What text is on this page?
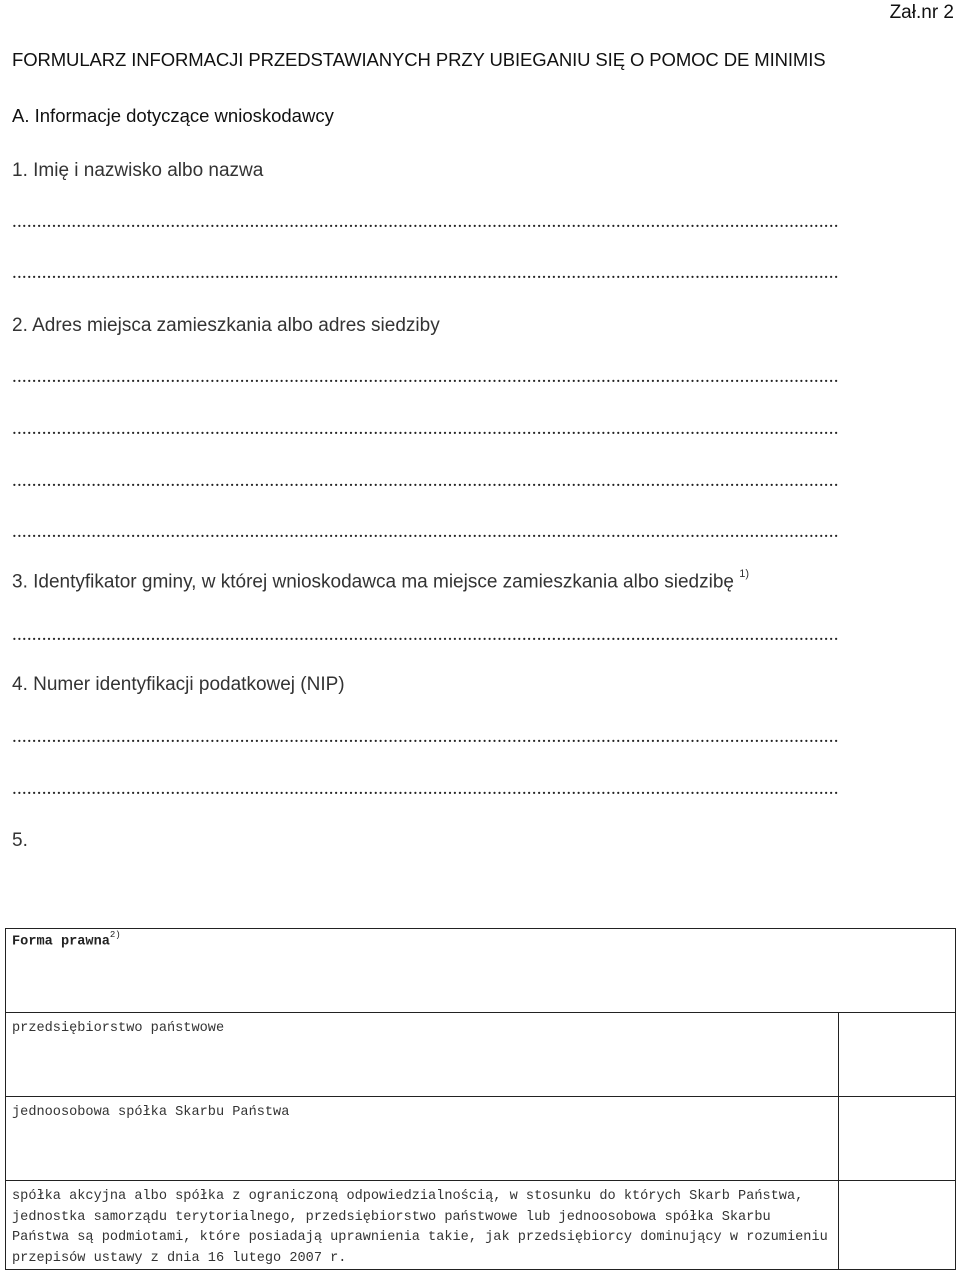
Zał.nr 2
FORMULARZ INFORMACJI PRZEDSTAWIANYCH PRZY UBIEGANIU SIĘ O POMOC DE MINIMIS
A. Informacje dotyczące wnioskodawcy
1. Imię i nazwisko albo nazwa
.......................................................................................................................................................................
.......................................................................................................................................................................
2. Adres miejsca zamieszkania albo adres siedziby
.......................................................................................................................................................................
.......................................................................................................................................................................
.......................................................................................................................................................................
.......................................................................................................................................................................
3. Identyfikator gminy, w której wnioskodawca ma miejsce zamieszkania albo siedzibę $^{1)}$
.......................................................................................................................................................................
4. Numer identyfikacji podatkowej (NIP)
.......................................................................................................................................................................
.......................................................................................................................................................................
5.
Forma prawna$^{2)}$

przedsiębiorstwo państwowe	

jednoosobowa spółka Skarbu Państwa	

spółka akcyjna albo spółka z ograniczoną odpowiedzialnością, w stosunku do których Skarb Państwa, jednostka samorządu terytorialnego, przedsiębiorstwo państwowe lub jednoosobowa spółka Skarbu Państwa są podmiotami, które posiadają uprawnienia takie, jak przedsiębiorcy dominujący w rozumieniu przepisów ustawy z dnia 16 lutego 2007 r.	
